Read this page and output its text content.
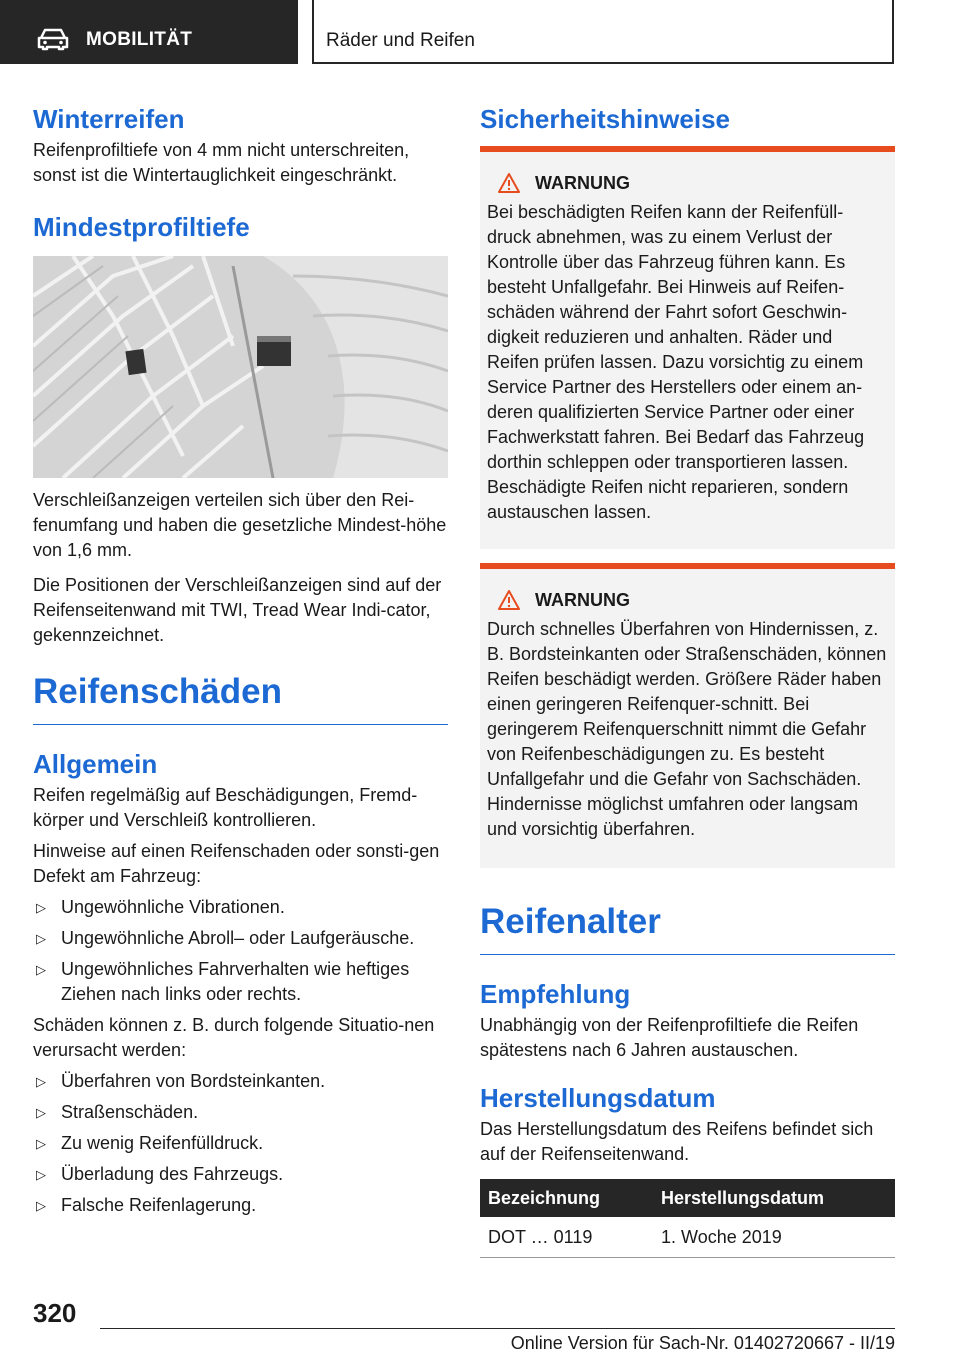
MOBILITÄT	Räder und Reifen
Winterreifen

Reifenprofiltiefe von 4 mm nicht unterschreiten, sonst ist die Wintertauglichkeit eingeschränkt.

Mindestprofiltiefe

Verschleißanzeigen verteilen sich über den Rei-fenumfang und haben die gesetzliche Mindest-höhe von 1,6 mm.

Die Positionen der Verschleißanzeigen sind auf der Reifenseitenwand mit TWI, Tread Wear Indi-cator, gekennzeichnet.

Reifenschäden
Allgemein

Reifen regelmäßig auf Beschädigungen, Fremd-körper und Verschleiß kontrollieren.

Hinweise auf einen Reifenschaden oder sonsti-gen Defekt am Fahrzeug:

▷ Ungewöhnliche Vibrationen.
▷ Ungewöhnliche Abroll– oder Laufgeräusche.
▷ Ungewöhnliches Fahrverhalten wie heftiges Ziehen nach links oder rechts.

Schäden können z. B. durch folgende Situatio-nen verursacht werden:

▷ Überfahren von Bordsteinkanten.
▷ Straßenschäden.
▷ Zu wenig Reifenfülldruck.
▷ Überladung des Fahrzeugs.
▷ Falsche Reifenlagerung.
Sicherheitshinweise
WARNUNG

Bei beschädigten Reifen kann der Reifenfüll-druck abnehmen, was zu einem Verlust der Kontrolle über das Fahrzeug führen kann. Es besteht Unfallgefahr. Bei Hinweis auf Reifen-schäden während der Fahrt sofort Geschwin-digkeit reduzieren und anhalten. Räder und Reifen prüfen lassen. Dazu vorsichtig zu einem Service Partner des Herstellers oder einem an-deren qualifizierten Service Partner oder einer Fachwerkstatt fahren. Bei Bedarf das Fahrzeug dorthin schleppen oder transportieren lassen. Beschädigte Reifen nicht reparieren, sondern austauschen lassen.

WARNUNG

Durch schnelles Überfahren von Hindernissen, z. B. Bordsteinkanten oder Straßenschäden, können Reifen beschädigt werden. Größere Räder haben einen geringeren Reifenquer-schnitt. Bei geringerem Reifenquerschnitt nimmt die Gefahr von Reifenbeschädigungen zu. Es besteht Unfallgefahr und die Gefahr von Sachschäden. Hindernisse möglichst umfahren oder langsam und vorsichtig überfahren.

Reifenalter
Empfehlung

Unabhängig von der Reifenprofiltiefe die Reifen spätestens nach 6 Jahren austauschen.

Herstellungsdatum

Das Herstellungsdatum des Reifens befindet sich auf der Reifenseitenwand.

Bezeichnung	Herstellungsdatum
DOT … 0119	1. Woche 2019
320
Online Version für Sach-Nr. 01402720667 - II/19
